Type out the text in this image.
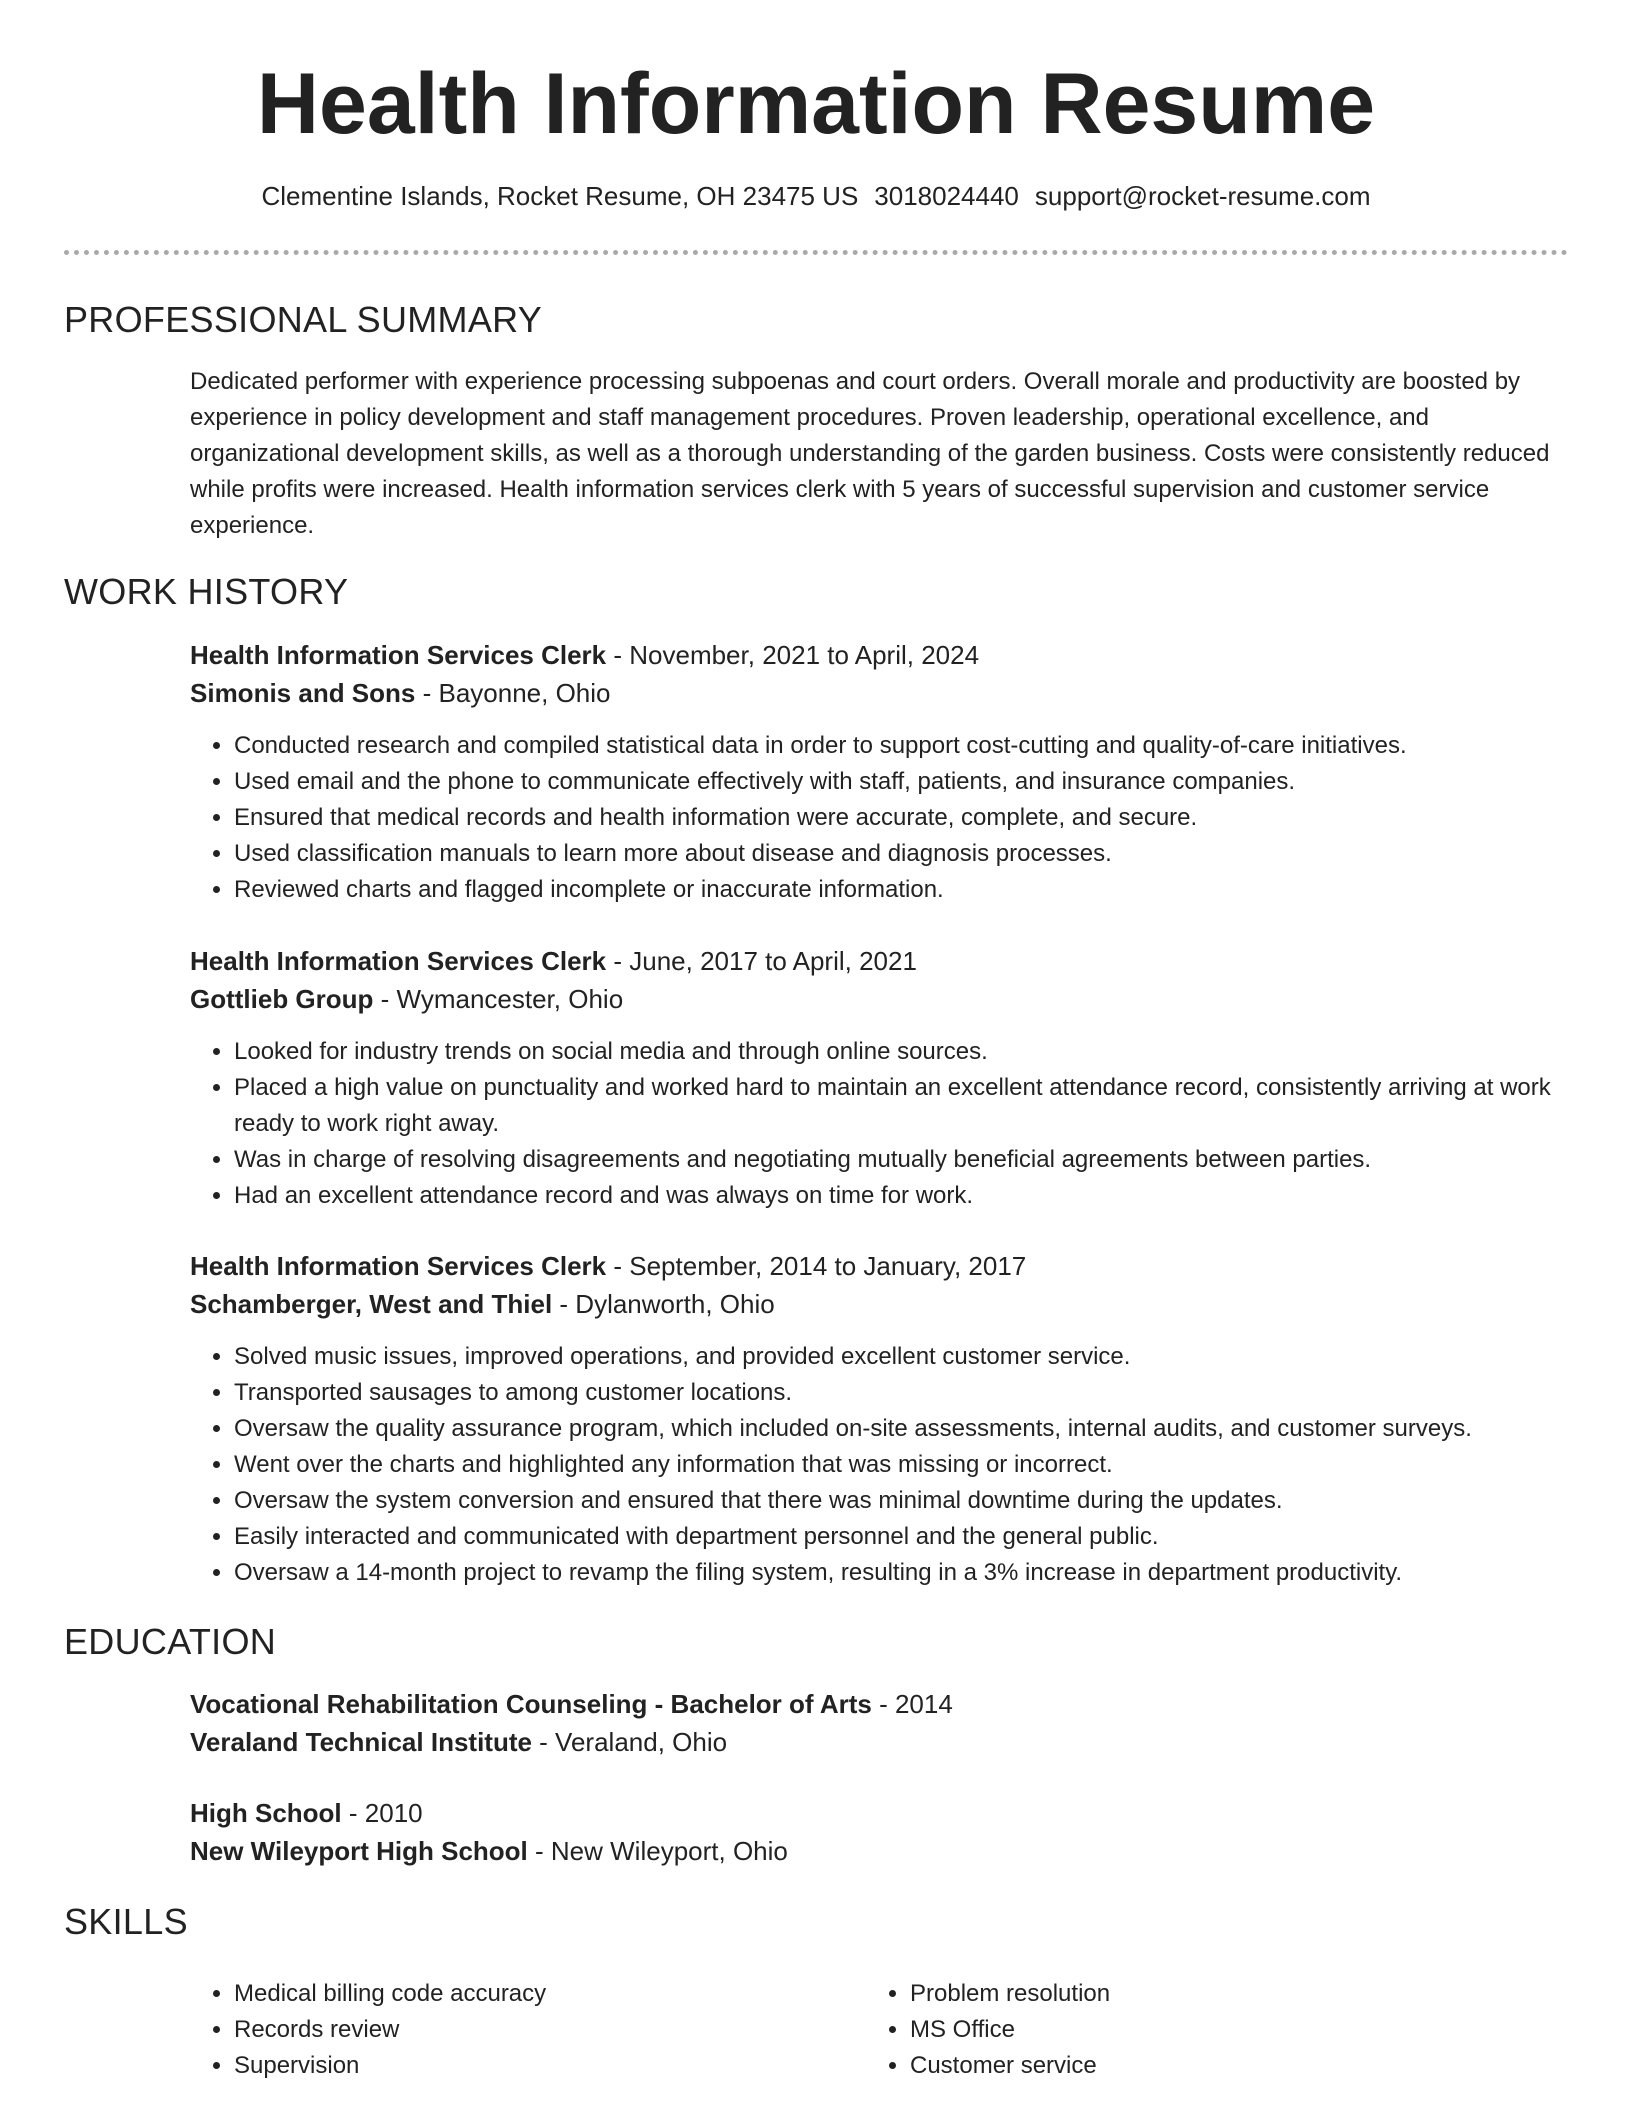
Health Information Resume
Clementine Islands, Rocket Resume, OH 23475 US 3018024440 support@rocket-resume.com
PROFESSIONAL SUMMARY
Dedicated performer with experience processing subpoenas and court orders. Overall morale and productivity are boosted by experience in policy development and staff management procedures. Proven leadership, operational excellence, and organizational development skills, as well as a thorough understanding of the garden business. Costs were consistently reduced while profits were increased. Health information services clerk with 5 years of successful supervision and customer service experience.
WORK HISTORY
Health Information Services Clerk - November, 2021 to April, 2024
Simonis and Sons - Bayonne, Ohio
• Conducted research and compiled statistical data in order to support cost-cutting and quality-of-care initiatives.
• Used email and the phone to communicate effectively with staff, patients, and insurance companies.
• Ensured that medical records and health information were accurate, complete, and secure.
• Used classification manuals to learn more about disease and diagnosis processes.
• Reviewed charts and flagged incomplete or inaccurate information.
Health Information Services Clerk - June, 2017 to April, 2021
Gottlieb Group - Wymancester, Ohio
• Looked for industry trends on social media and through online sources.
• Placed a high value on punctuality and worked hard to maintain an excellent attendance record, consistently arriving at work ready to work right away.
• Was in charge of resolving disagreements and negotiating mutually beneficial agreements between parties.
• Had an excellent attendance record and was always on time for work.
Health Information Services Clerk - September, 2014 to January, 2017
Schamberger, West and Thiel - Dylanworth, Ohio
• Solved music issues, improved operations, and provided excellent customer service.
• Transported sausages to among customer locations.
• Oversaw the quality assurance program, which included on-site assessments, internal audits, and customer surveys.
• Went over the charts and highlighted any information that was missing or incorrect.
• Oversaw the system conversion and ensured that there was minimal downtime during the updates.
• Easily interacted and communicated with department personnel and the general public.
• Oversaw a 14-month project to revamp the filing system, resulting in a 3% increase in department productivity.
EDUCATION
Vocational Rehabilitation Counseling - Bachelor of Arts - 2014
Veraland Technical Institute - Veraland, Ohio
High School - 2010
New Wileyport High School - New Wileyport, Ohio
SKILLS
• Medical billing code accuracy
• Records review
• Supervision
• Problem resolution
• MS Office
• Customer service
